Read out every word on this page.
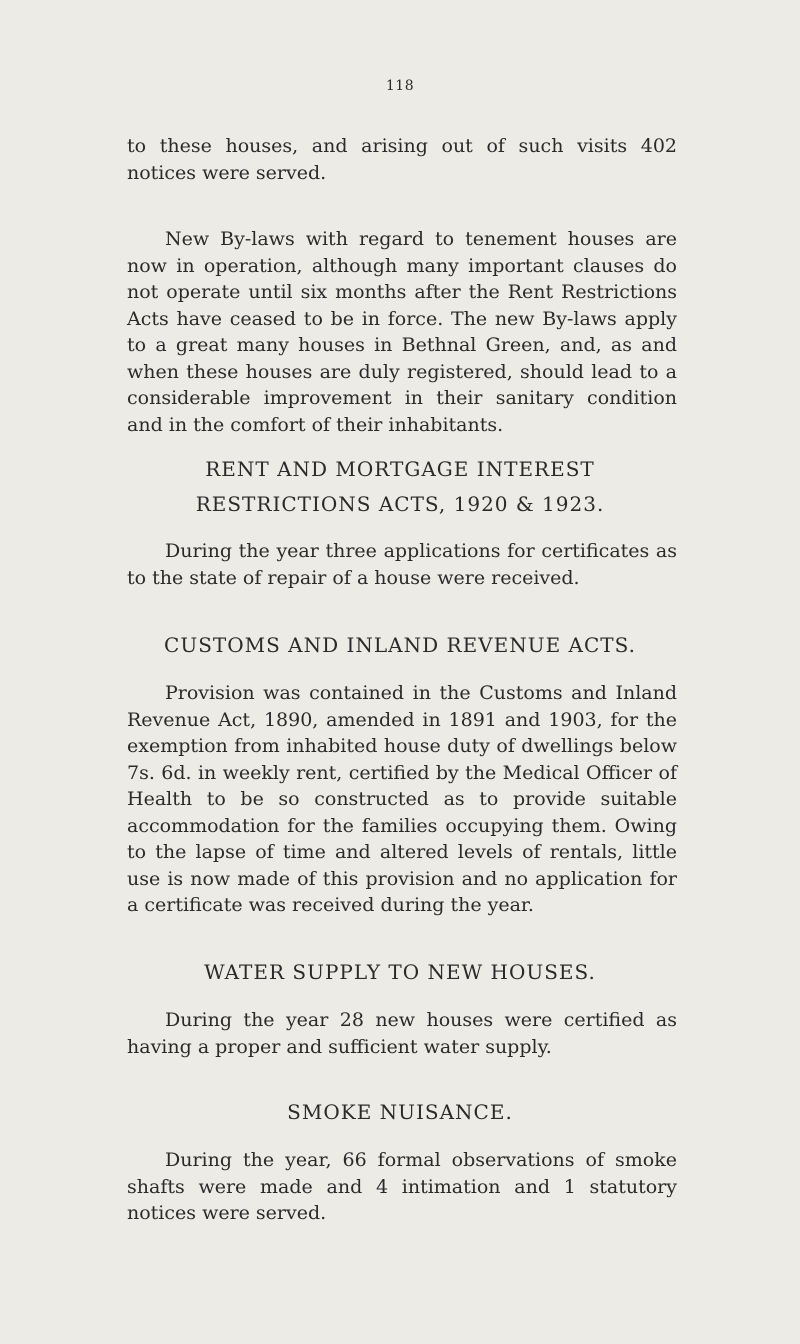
118

to these houses, and arising out of such visits 402 notices were served.

New By-laws with regard to tenement houses are now in operation, although many important clauses do not operate until six months after the Rent Restrictions Acts have ceased to be in force. The new By-laws apply to a great many houses in Bethnal Green, and, as and when these houses are duly registered, should lead to a considerable improvement in their sanitary condition and in the comfort of their inhabitants.

RENT AND MORTGAGE INTEREST
RESTRICTIONS ACTS, 1920 & 1923.

During the year three applications for certificates as to the state of repair of a house were received.

CUSTOMS AND INLAND REVENUE ACTS.

Provision was contained in the Customs and Inland Revenue Act, 1890, amended in 1891 and 1903, for the exemption from inhabited house duty of dwellings below 7s. 6d. in weekly rent, certified by the Medical Officer of Health to be so constructed as to provide suitable accommodation for the families occupying them. Owing to the lapse of time and altered levels of rentals, little use is now made of this provision and no application for a certificate was received during the year.

WATER SUPPLY TO NEW HOUSES.

During the year 28 new houses were certified as having a proper and sufficient water supply.

SMOKE NUISANCE.

During the year, 66 formal observations of smoke shafts were made and 4 intimation and 1 statutory notices were served.
